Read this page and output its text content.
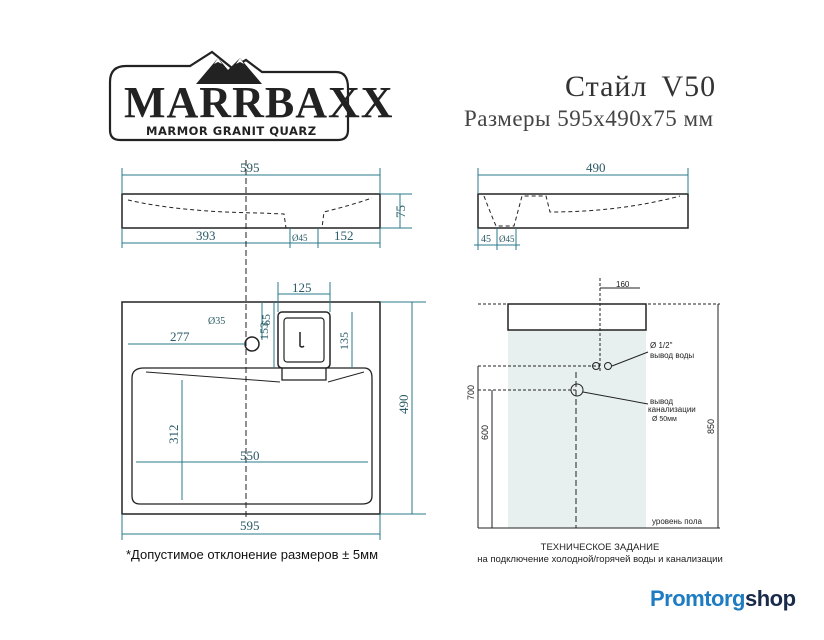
595
75
393	Ø45 152
490
45 Ø45
125
Ø35	65
153
277	135
490
312
550
595
160
Ø 1/2"
вывод воды
вывод
канализации
Ø 50мм
700
600	850
уровень пола
MARRBAXX
MARMOR GRANIT QUARZ
Стайл V50
Размеры 595х490х75 мм
*Допустимое отклонение размеров ± 5мм	ТЕХНИЧЕСКОЕ ЗАДАНИЕ
на подключение холодной/горячей воды и канализации
Promtorgshop
